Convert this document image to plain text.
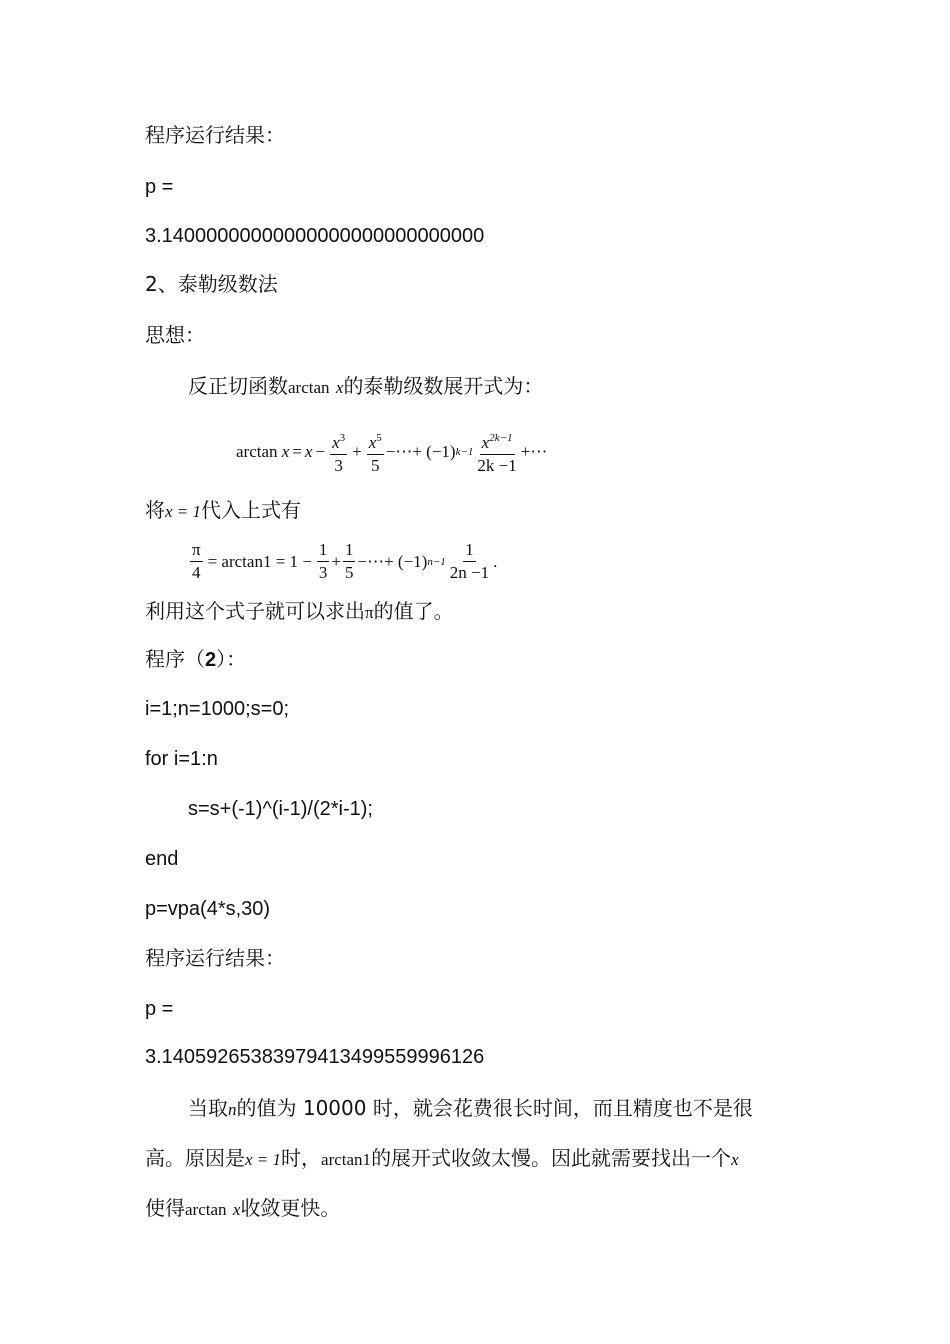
程序运行结果：
p =
3.14000000000000000000000000000
2、泰勒级数法
思想：
反正切函数arctan x的泰勒级数展开式为：
arctan
$x = x - \frac{x^3}{3} + \frac{x^5}{5}$ −⋯+ (−1) $k-1 \frac{x^{2k-1}}{2k -1}$ +⋯
将x = 1代入上式有
$\frac{\pi}{4} = \arctan 1 = 1 - \frac{1}{3} + \frac{1}{5}$ −⋯+ (−1) $n-1 \frac{1}{2n -1}$ .
利用这个式子就可以求出π的值了。
程序（2）：
i=1;n=1000;s=0;
for i=1:n
s=s+(-1)^(i-1)/(2*i-1);
end
p=vpa(4*s,30)
程序运行结果：
p =
3.14059265383979413499559996126
当取n的值为 10000 时，就会花费很长时间，而且精度也不是很
高。原因是x = 1时，arctan1的展开式收敛太慢。因此就需要找出一个x
使得arctan x收敛更快。
